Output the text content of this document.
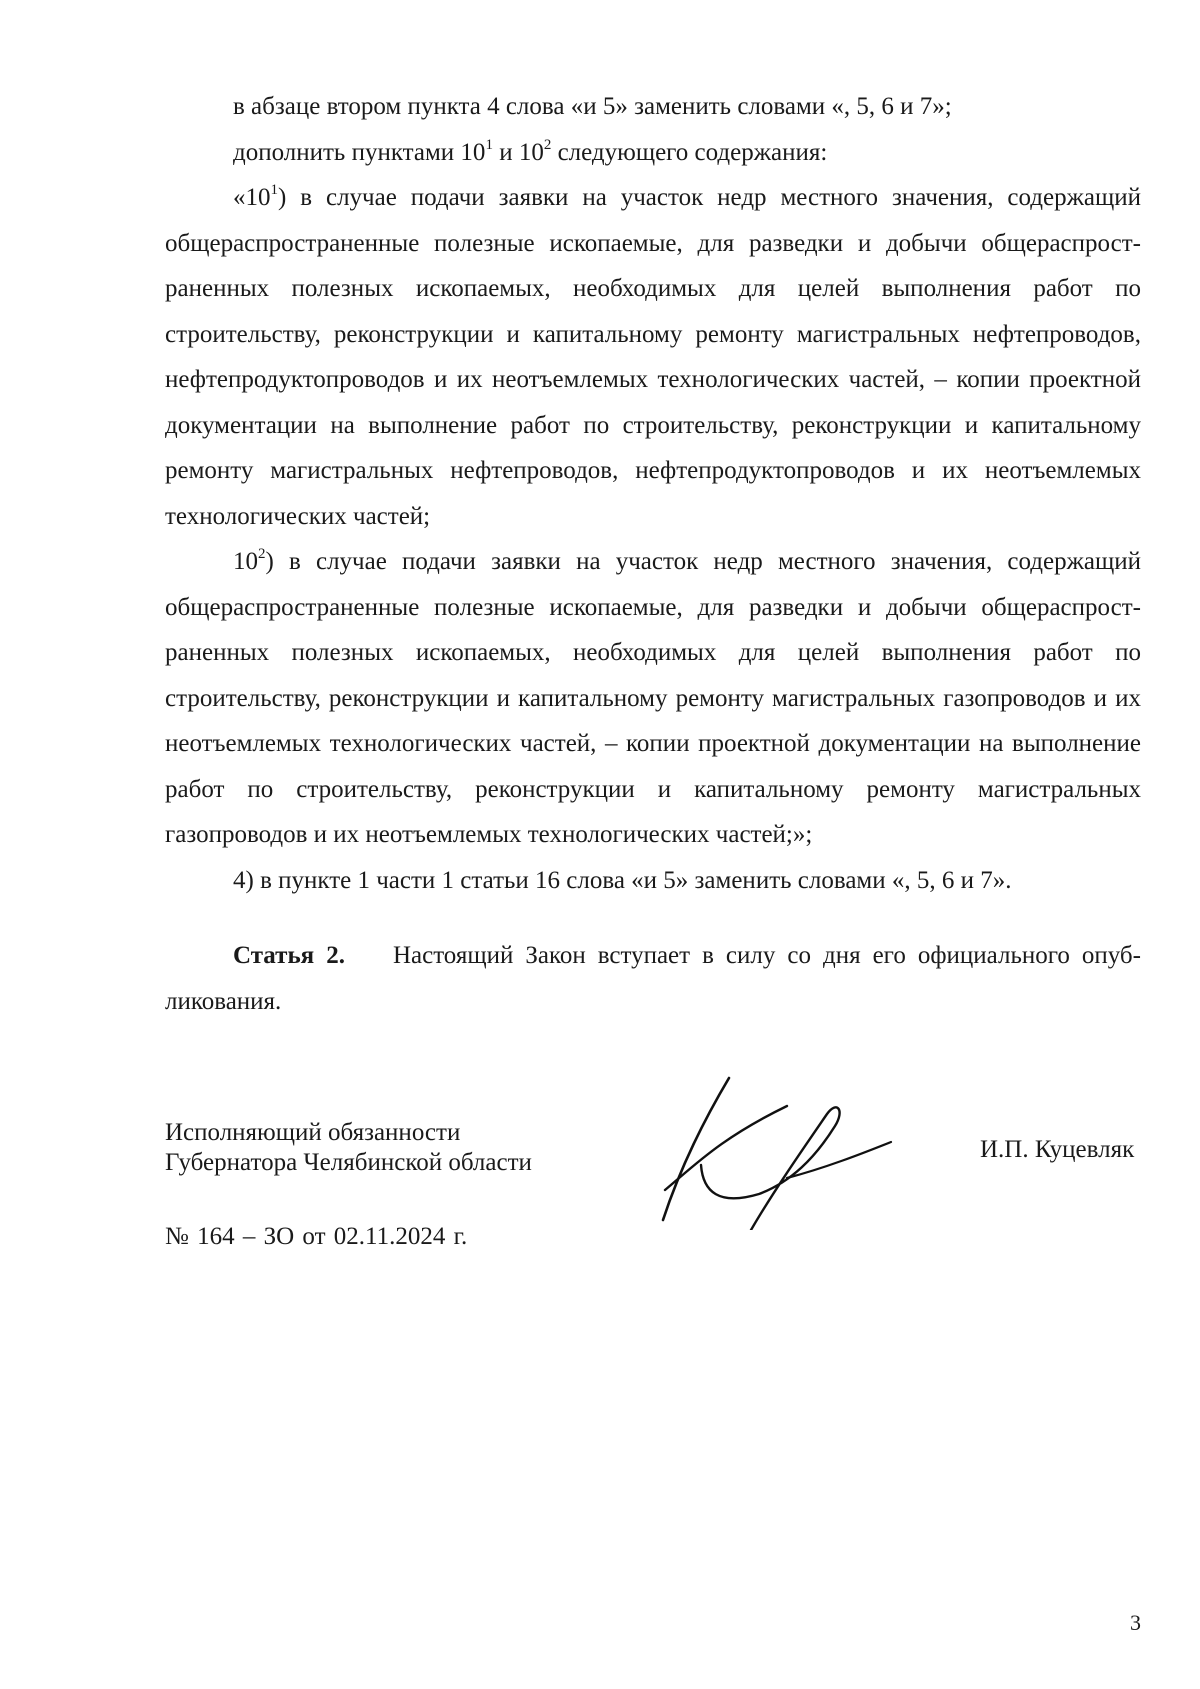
в абзаце втором пункта 4 слова «и 5» заменить словами «, 5, 6 и 7»;

дополнить пунктами $10^1$ и $10^2$ следующего содержания:

«$10^1$) в случае подачи заявки на участок недр местного значения, содержащий общераспространенные полезные ископаемые, для разведки и добычи общераспространенных полезных ископаемых, необходимых для целей выполнения работ по строительству, реконструкции и капитальному ремонту магистральных нефтепроводов, нефтепродуктопроводов и их неотъемлемых технологических частей, – копии проектной документации на выполнение работ по строительству, реконструкции и капитальному ремонту магистральных нефтепроводов, нефтепродуктопроводов и их неотъемлемых технологических частей;

$10^2$) в случае подачи заявки на участок недр местного значения, содержащий общераспространенные полезные ископаемые, для разведки и добычи общераспространенных полезных ископаемых, необходимых для целей выполнения работ по строительству, реконструкции и капитальному ремонту магистральных газопроводов и их неотъемлемых технологических частей, – копии проектной документации на выполнение работ по строительству, реконструкции и капитальному ремонту магистральных газопроводов и их неотъемлемых технологических частей;»;

4) в пункте 1 части 1 статьи 16 слова «и 5» заменить словами «, 5, 6 и 7».

Статья 2. Настоящий Закон вступает в силу со дня его официального опубликования.

Исполняющий обязанности
Губернатора Челябинской области	И.П. Куцевляк
№ 164 – ЗО от 02.11.2024 г.
3
